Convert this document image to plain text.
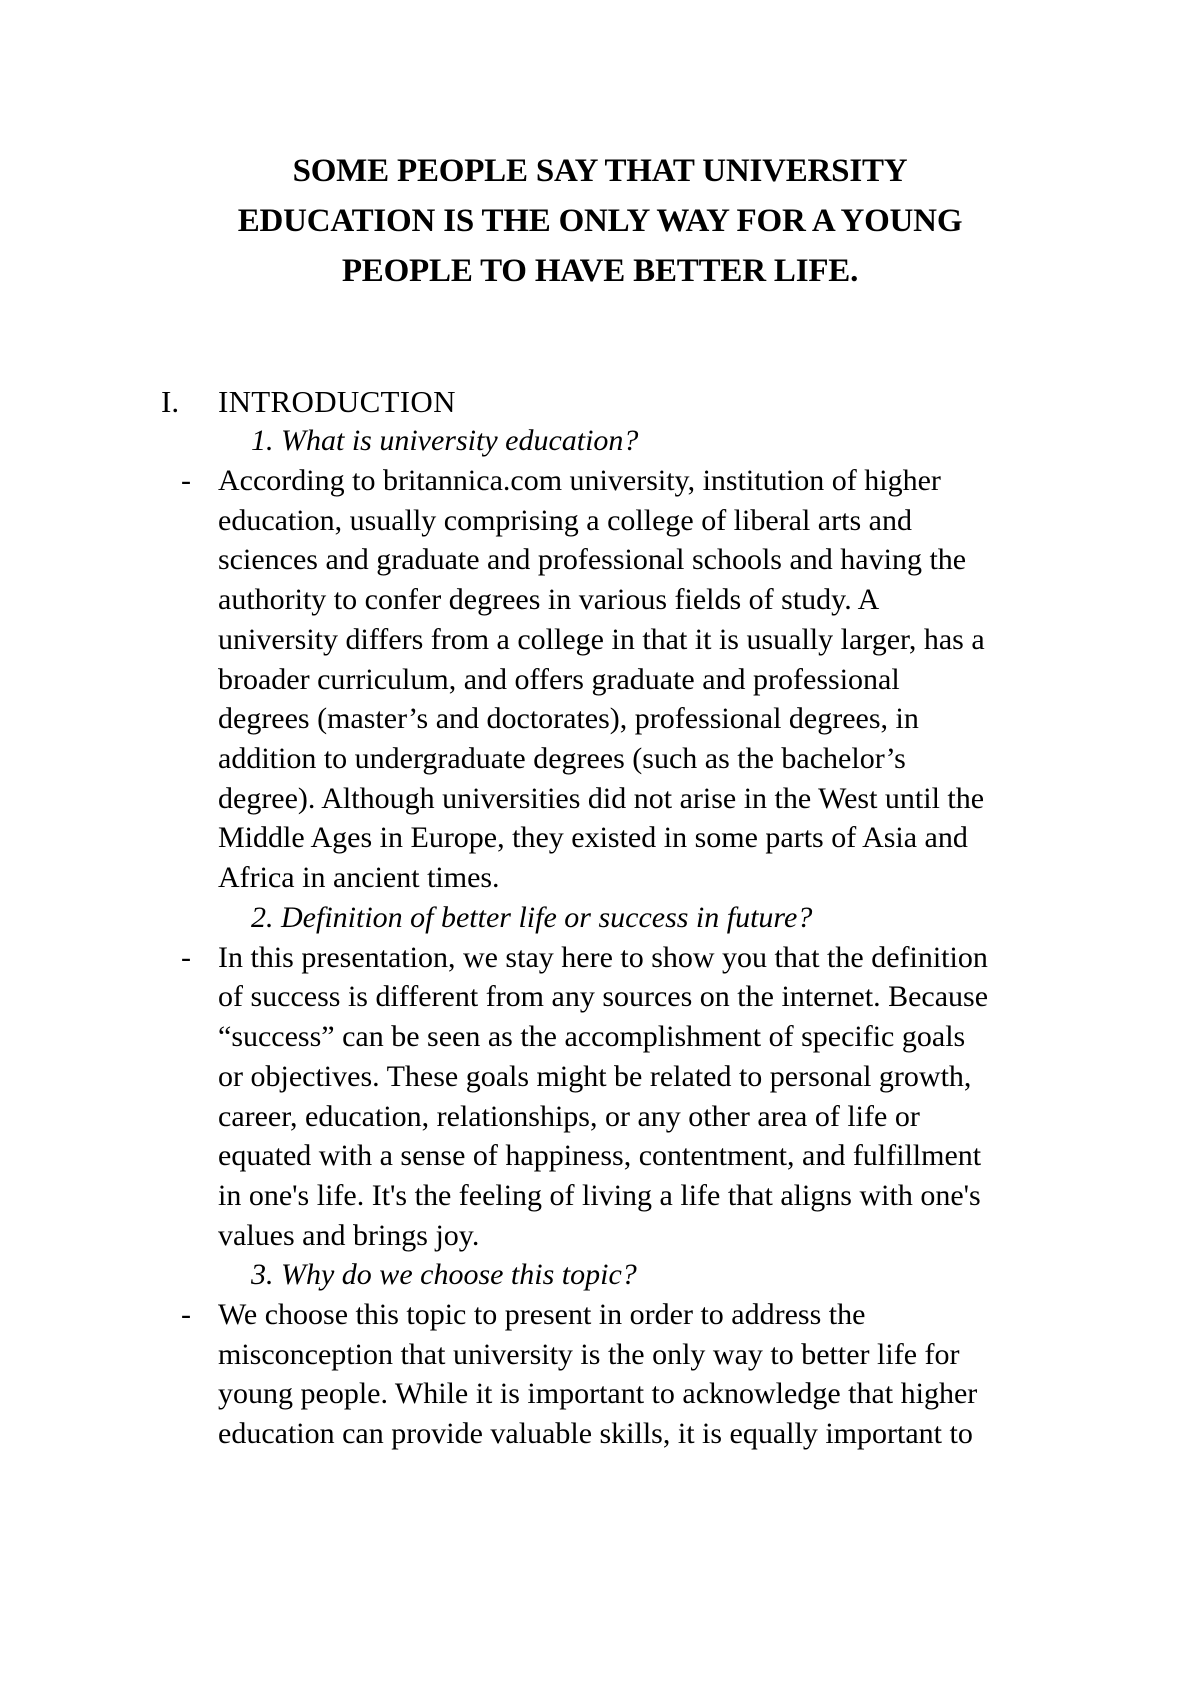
SOME PEOPLE SAY THAT UNIVERSITY
EDUCATION IS THE ONLY WAY FOR A YOUNG
PEOPLE TO HAVE BETTER LIFE.
I. INTRODUCTION
1. What is university education?
- According to britannica.com university, institution of higher
education, usually comprising a college of liberal arts and
sciences and graduate and professional schools and having the
authority to confer degrees in various fields of study. A
university differs from a college in that it is usually larger, has a
broader curriculum, and offers graduate and professional
degrees (master’s and doctorates), professional degrees, in
addition to undergraduate degrees (such as the bachelor’s
degree). Although universities did not arise in the West until the
Middle Ages in Europe, they existed in some parts of Asia and
Africa in ancient times.
2. Definition of better life or success in future?
- In this presentation, we stay here to show you that the definition
of success is different from any sources on the internet. Because
“success” can be seen as the accomplishment of specific goals
or objectives. These goals might be related to personal growth,
career, education, relationships, or any other area of life or
equated with a sense of happiness, contentment, and fulfillment
in one's life. It's the feeling of living a life that aligns with one's
values and brings joy.
3. Why do we choose this topic?
- We choose this topic to present in order to address the
misconception that university is the only way to better life for
young people. While it is important to acknowledge that higher
education can provide valuable skills, it is equally important to
